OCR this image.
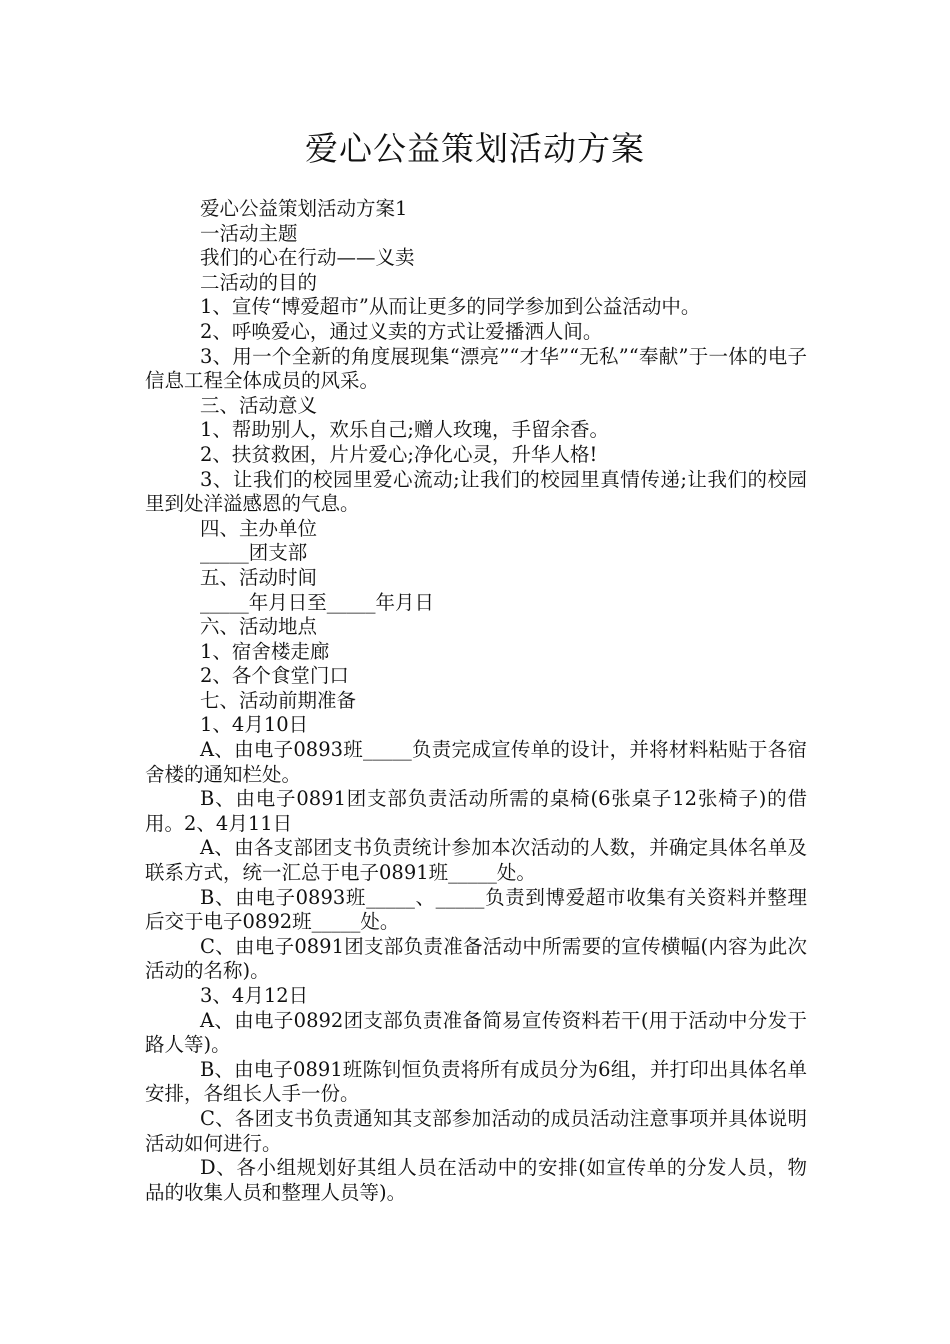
爱心公益策划活动方案

爱心公益策划活动方案1

一活动主题

我们的心在行动——义卖

二活动的目的

1、宣传“博爱超市”从而让更多的同学参加到公益活动中。

2、呼唤爱心，通过义卖的方式让爱播洒人间。

3、用一个全新的角度展现集“漂亮”“才华”“无私”“奉献”于一体的电子信息工程全体成员的风采。

三、活动意义

1、帮助别人，欢乐自己;赠人玫瑰，手留余香。

2、扶贫救困，片片爱心;净化心灵，升华人格!

3、让我们的校园里爱心流动;让我们的校园里真情传递;让我们的校园里到处洋溢感恩的气息。

四、主办单位

_____团支部

五、活动时间

_____年月日至_____年月日

六、活动地点

1、宿舍楼走廊

2、各个食堂门口

七、活动前期准备

1、4月10日

A、由电子0893班_____负责完成宣传单的设计，并将材料粘贴于各宿舍楼的通知栏处。

B、由电子0891团支部负责活动所需的桌椅(6张桌子12张椅子)的借用。2、4月11日

A、由各支部团支书负责统计参加本次活动的人数，并确定具体名单及联系方式，统一汇总于电子0891班_____处。

B、由电子0893班_____、_____负责到博爱超市收集有关资料并整理后交于电子0892班_____处。

C、由电子0891团支部负责准备活动中所需要的宣传横幅(内容为此次活动的名称)。

3、4月12日

A、由电子0892团支部负责准备简易宣传资料若干(用于活动中分发于路人等)。

B、由电子0891班陈钊恒负责将所有成员分为6组，并打印出具体名单安排，各组长人手一份。

C、各团支书负责通知其支部参加活动的成员活动注意事项并具体说明活动如何进行。

D、各小组规划好其组人员在活动中的安排(如宣传单的分发人员，物品的收集人员和整理人员等)。
